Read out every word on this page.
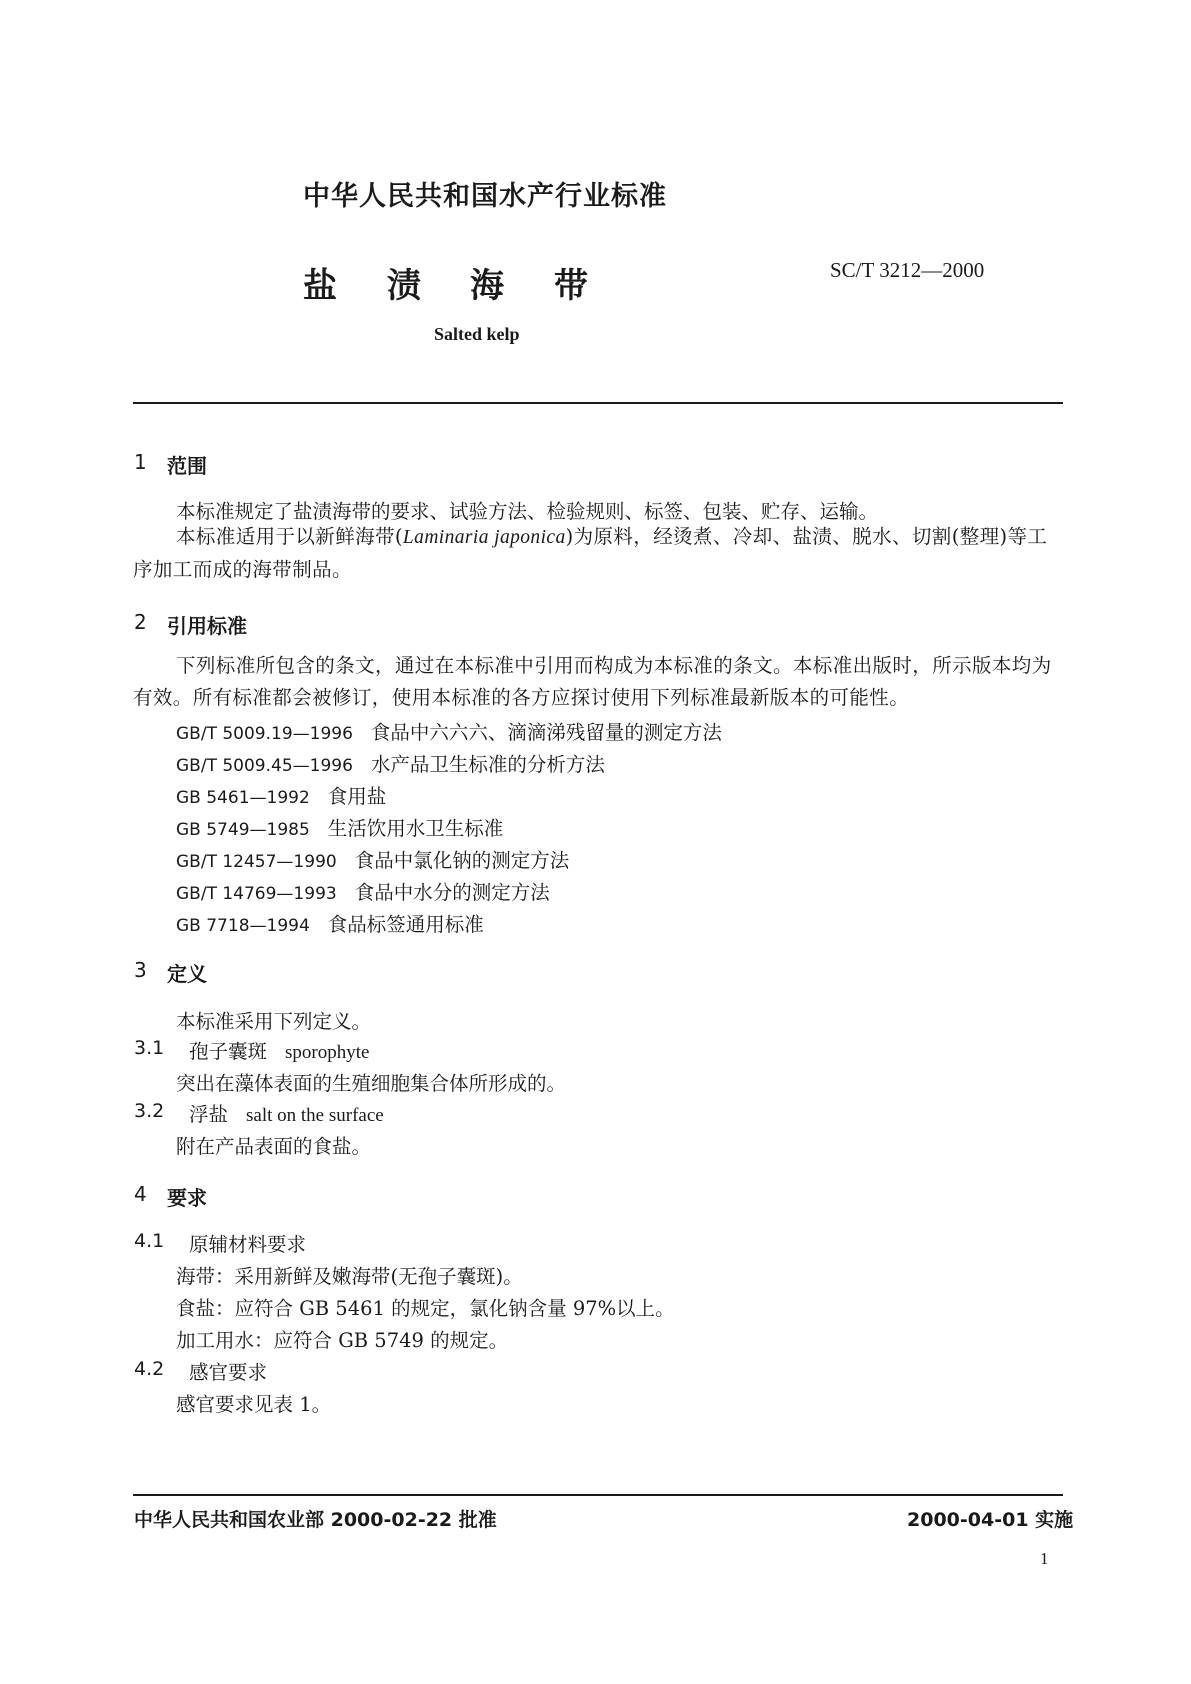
中华人民共和国水产行业标准
盐 渍 海 带	SC/T 3212—2000
Salted kelp
1 范围
本标准规定了盐渍海带的要求、试验方法、检验规则、标签、包装、贮存、运输。
本标准适用于以新鲜海带(Laminaria japonica)为原料，经烫煮、冷却、盐渍、脱水、切割(整理)等工序加工而成的海带制品。
2 引用标准
下列标准所包含的条文，通过在本标准中引用而构成为本标准的条文。本标准出版时，所示版本均为有效。所有标准都会被修订，使用本标准的各方应探讨使用下列标准最新版本的可能性。
GB/T 5009.19—1996 食品中六六六、滴滴涕残留量的测定方法
GB/T 5009.45—1996 水产品卫生标准的分析方法
GB 5461—1992 食用盐
GB 5749—1985 生活饮用水卫生标准
GB/T 12457—1990 食品中氯化钠的测定方法
GB/T 14769—1993 食品中水分的测定方法
GB 7718—1994 食品标签通用标准
3 定义
本标准采用下列定义。
3.1 孢子囊斑 sporophyte
突出在藻体表面的生殖细胞集合体所形成的。
3.2 浮盐 salt on the surface
附在产品表面的食盐。
4 要求
4.1 原辅材料要求
海带：采用新鲜及嫩海带(无孢子囊斑)。
食盐：应符合 GB 5461 的规定，氯化钠含量 97%以上。
加工用水：应符合 GB 5749 的规定。
4.2 感官要求
感官要求见表 1。
中华人民共和国农业部 2000-02-22 批准	2000-04-01 实施
1
